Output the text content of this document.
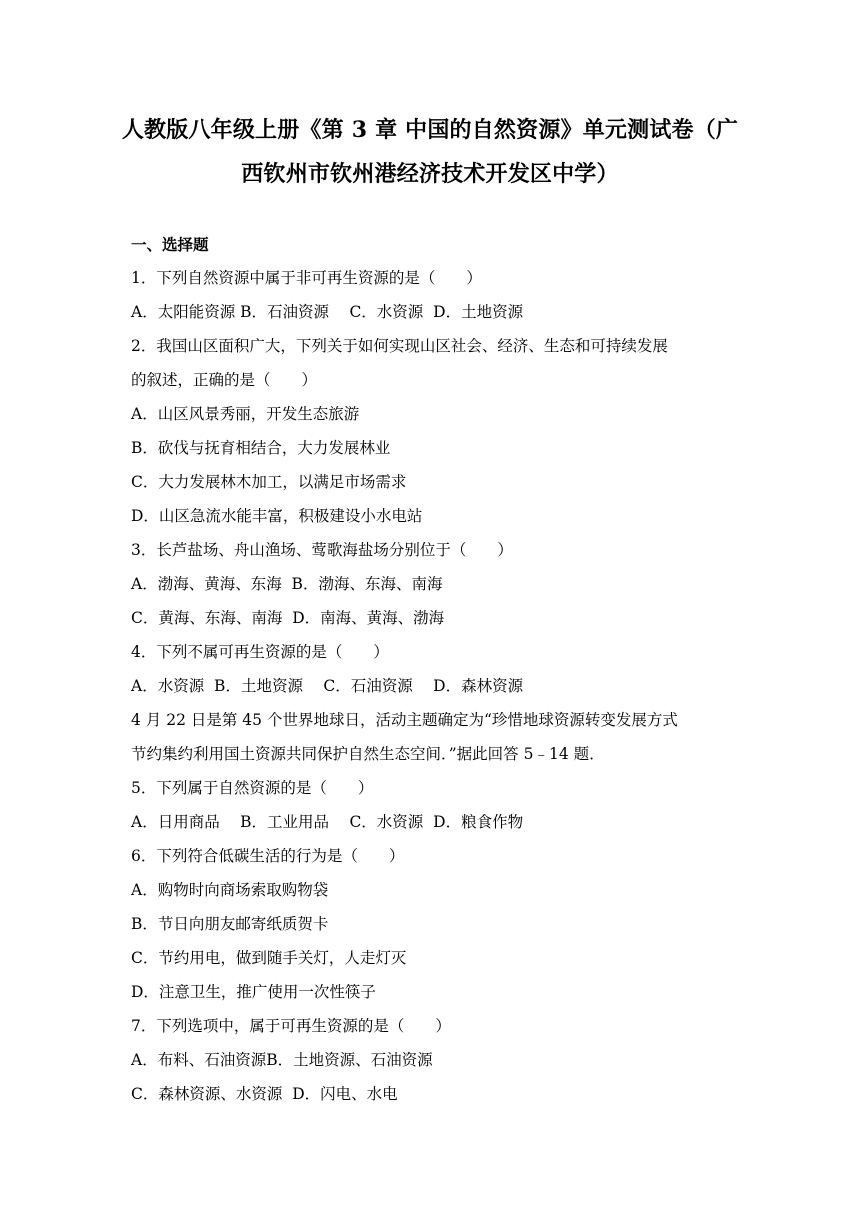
人教版八年级上册《第 3 章 中国的自然资源》单元测试卷（广
西钦州市钦州港经济技术开发区中学）
一、选择题
1．下列自然资源中属于非可再生资源的是（　　）
A．太阳能资源 B．石油资源　 C．水资源  D．土地资源
2．我国山区面积广大，下列关于如何实现山区社会、经济、生态和可持续发展
的叙述，正确的是（　　）
A．山区风景秀丽，开发生态旅游
B．砍伐与抚育相结合，大力发展林业
C．大力发展林木加工，以满足市场需求
D．山区急流水能丰富，积极建设小水电站
3．长芦盐场、舟山渔场、莺歌海盐场分别位于（　　）
A．渤海、黄海、东海  B．渤海、东海、南海
C．黄海、东海、南海  D．南海、黄海、渤海
4．下列不属可再生资源的是（　　）
A．水资源  B．土地资源　 C．石油资源　 D．森林资源
4 月 22 日是第 45 个世界地球日，活动主题确定为“珍惜地球资源转变发展方式
节约集约利用国土资源共同保护自然生态空间．”据此回答 5﹣14 题．
5．下列属于自然资源的是（　　）
A．日用商品　 B．工业用品　 C．水资源  D．粮食作物
6．下列符合低碳生活的行为是（　　）
A．购物时向商场索取购物袋
B．节日向朋友邮寄纸质贺卡
C．节约用电，做到随手关灯，人走灯灭
D．注意卫生，推广使用一次性筷子
7．下列选项中，属于可再生资源的是（　　）
A．布料、石油资源B．土地资源、石油资源
C．森林资源、水资源  D．闪电、水电
